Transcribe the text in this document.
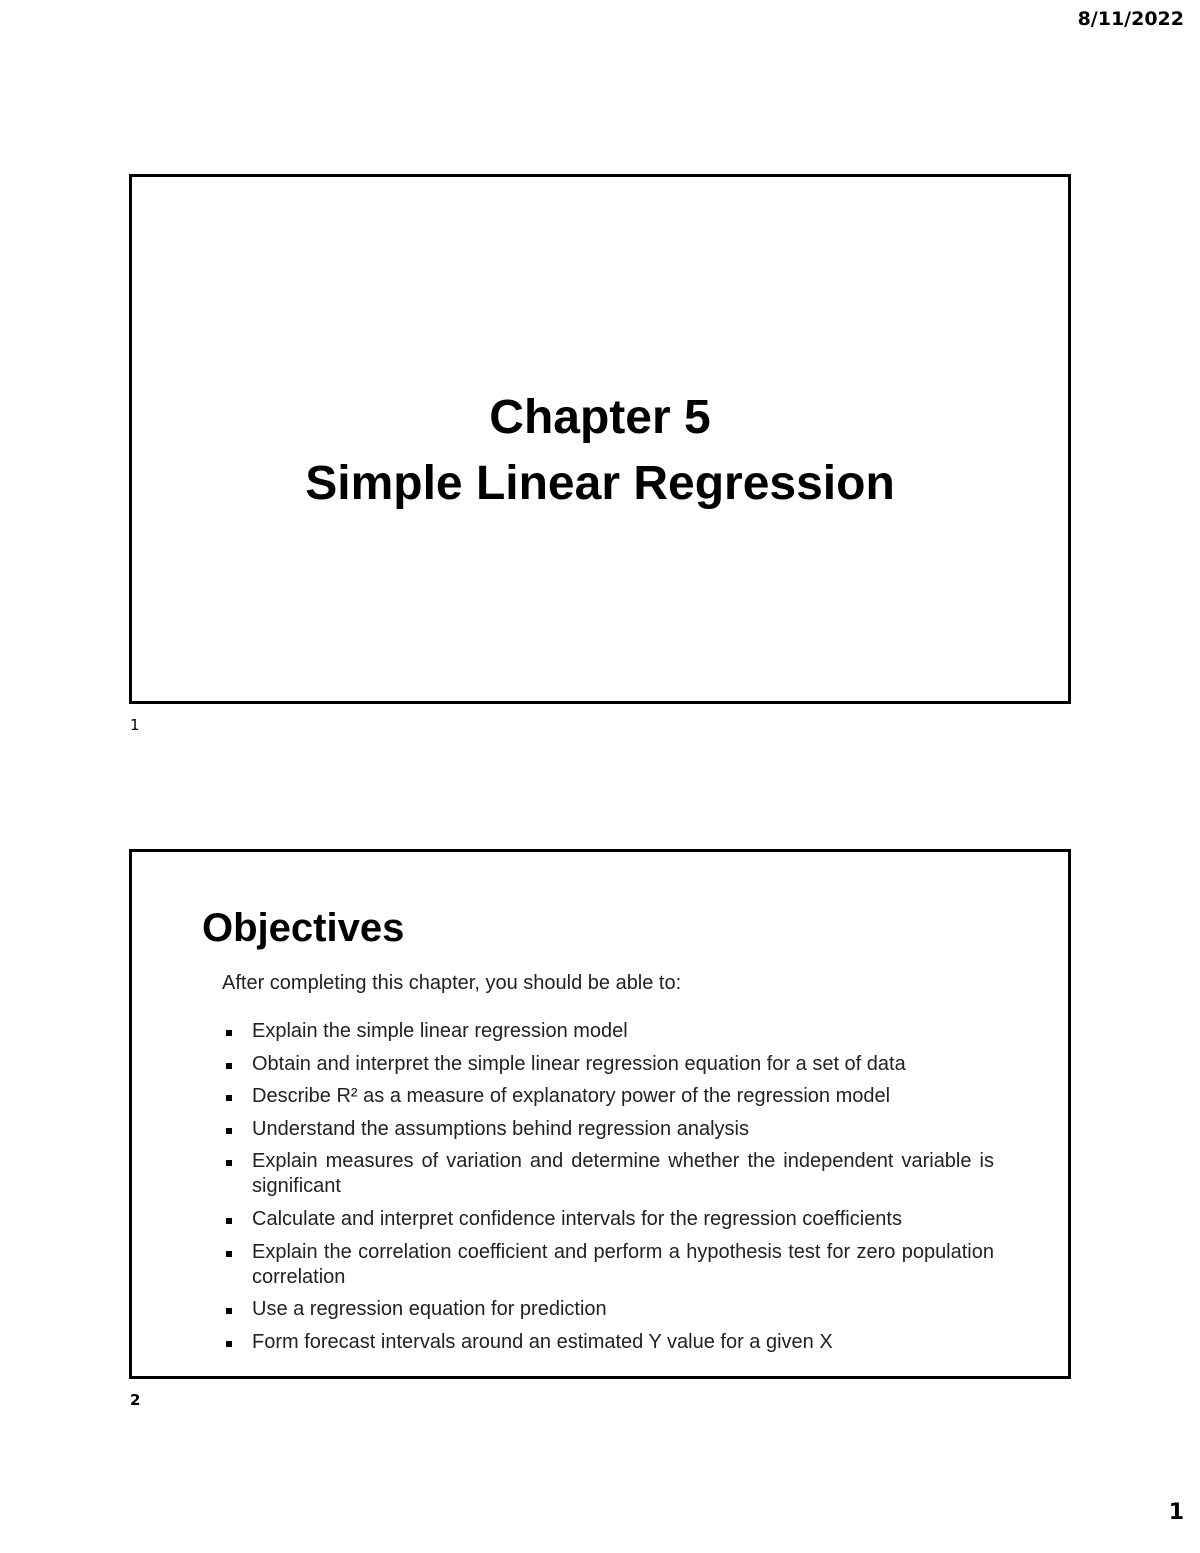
8/11/2022
Chapter 5
Simple Linear Regression
1
Objectives
After completing this chapter, you should be able to:
Explain the simple linear regression model
Obtain and interpret the simple linear regression equation for a set of data
Describe R² as a measure of explanatory power of the regression model
Understand the assumptions behind regression analysis
Explain measures of variation and determine whether the independent variable is significant
Calculate and interpret confidence intervals for the regression coefficients
Explain the correlation coefficient and perform a hypothesis test for zero population correlation
Use a regression equation for prediction
Form forecast intervals around an estimated Y value for a given X
2
1
